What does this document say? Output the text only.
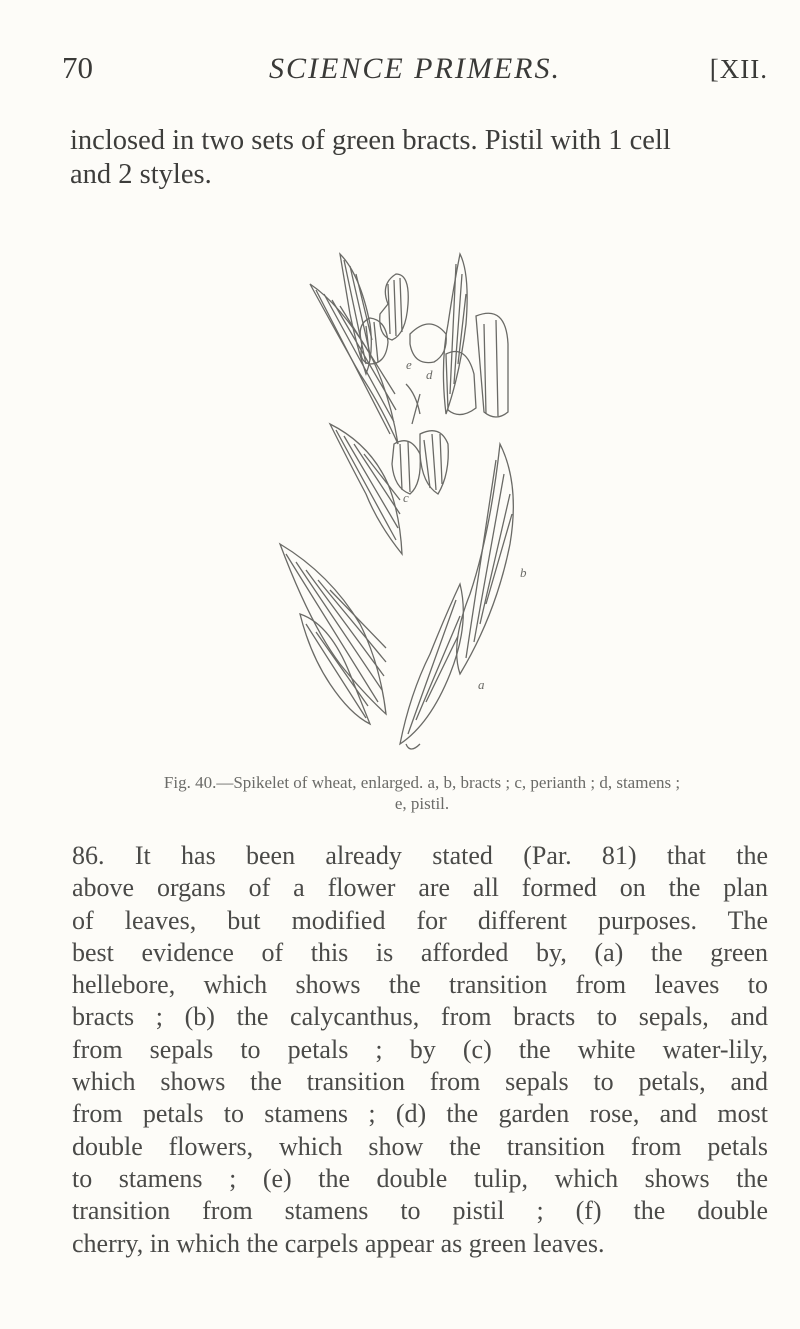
70	SCIENCE PRIMERS.	[XII.
inclosed in two sets of green bracts. Pistil with 1 cell
and 2 styles.
e
d
c
b
a
Fig. 40.—Spikelet of wheat, enlarged. a, b, bracts ; c, perianth ; d, stamens ;
e, pistil.
86. It has been already stated (Par. 81) that the
above organs of a flower are all formed on the plan
of leaves, but modified for different purposes. The
best evidence of this is afforded by, (a) the green
hellebore, which shows the transition from leaves to
bracts ; (b) the calycanthus, from bracts to sepals, and
from sepals to petals ; by (c) the white water-lily,
which shows the transition from sepals to petals, and
from petals to stamens ; (d) the garden rose, and most
double flowers, which show the transition from petals
to stamens ; (e) the double tulip, which shows the
transition from stamens to pistil ; (f) the double
cherry, in which the carpels appear as green leaves.
